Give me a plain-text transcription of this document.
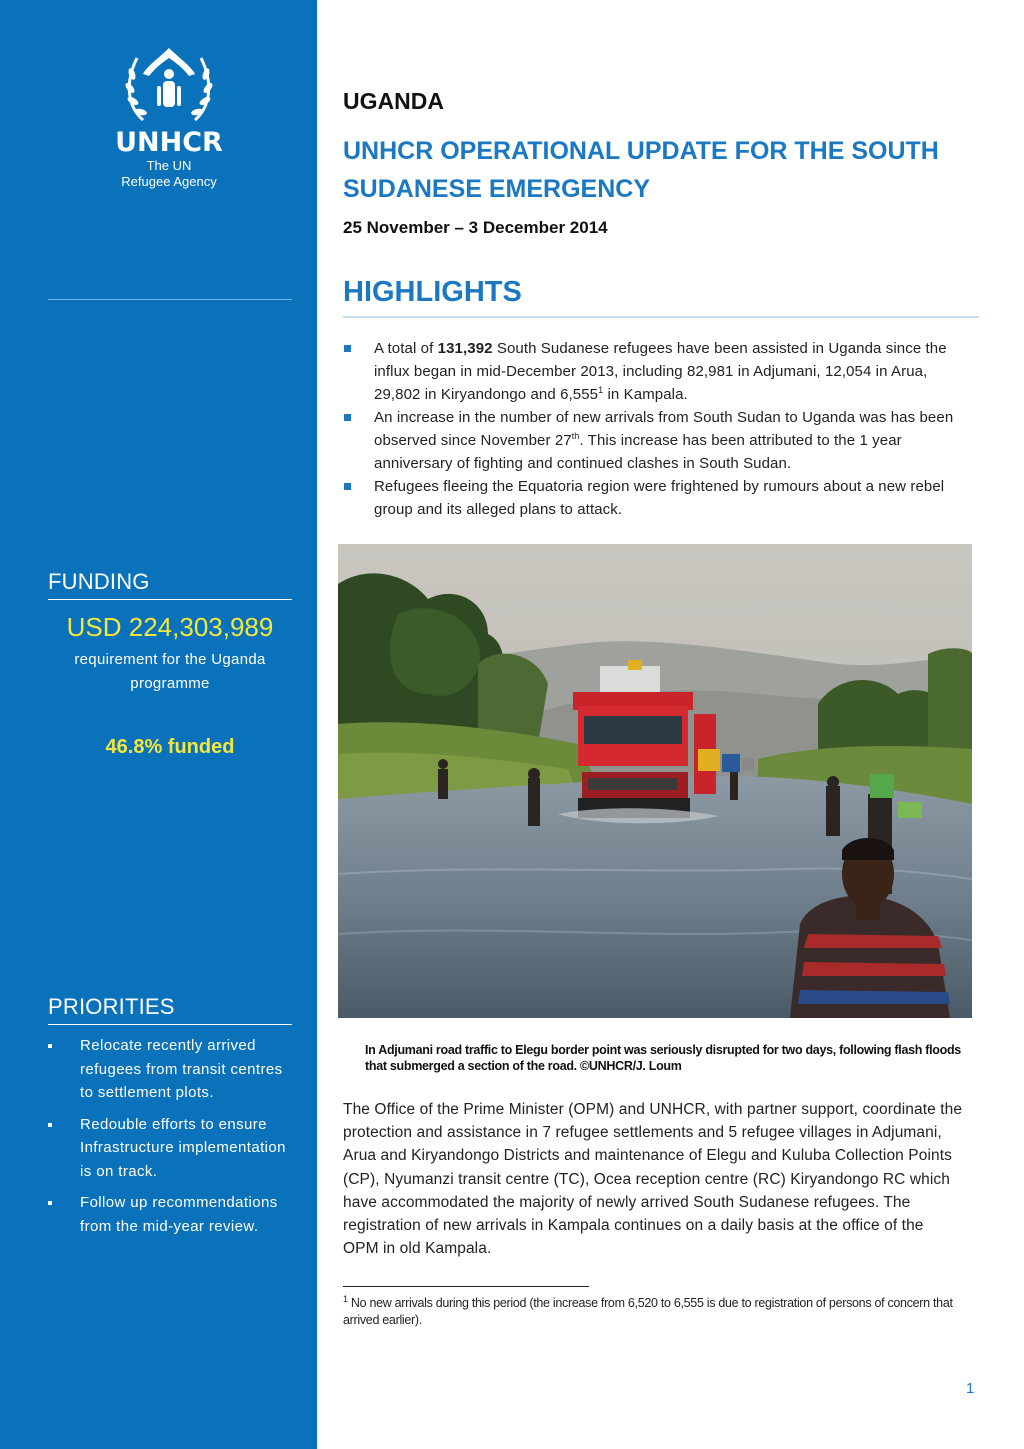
UNHCR
The UN
Refugee Agency
FUNDING
USD 224,303,989
requirement for the Uganda programme
46.8% funded
PRIORITIES
Relocate recently arrived refugees from transit centres to settlement plots.
Redouble efforts to ensure Infrastructure implementation is on track.
Follow up recommendations from the mid-year review.
UGANDA
UNHCR OPERATIONAL UPDATE FOR THE SOUTH SUDANESE EMERGENCY
25 November – 3 December 2014
HIGHLIGHTS
A total of 131,392 South Sudanese refugees have been assisted in Uganda since the influx began in mid-December 2013, including 82,981 in Adjumani, 12,054 in Arua, 29,802 in Kiryandongo and 6,555$^1$ in Kampala.
An increase in the number of new arrivals from South Sudan to Uganda was has been observed since November 27th. This increase has been attributed to the 1 year anniversary of fighting and continued clashes in South Sudan.
Refugees fleeing the Equatoria region were frightened by rumours about a new rebel group and its alleged plans to attack.
In Adjumani road traffic to Elegu border point was seriously disrupted for two days, following flash floods that submerged a section of the road. ©UNHCR/J. Loum
The Office of the Prime Minister (OPM) and UNHCR, with partner support, coordinate the protection and assistance in 7 refugee settlements and 5 refugee villages in Adjumani, Arua and Kiryandongo Districts and maintenance of Elegu and Kuluba Collection Points (CP), Nyumanzi transit centre (TC), Ocea reception centre (RC) Kiryandongo RC which have accommodated the majority of newly arrived South Sudanese refugees. The registration of new arrivals in Kampala continues on a daily basis at the office of the OPM in old Kampala.
$^1$ No new arrivals during this period (the increase from 6,520 to 6,555 is due to registration of persons of concern that arrived earlier).
1
